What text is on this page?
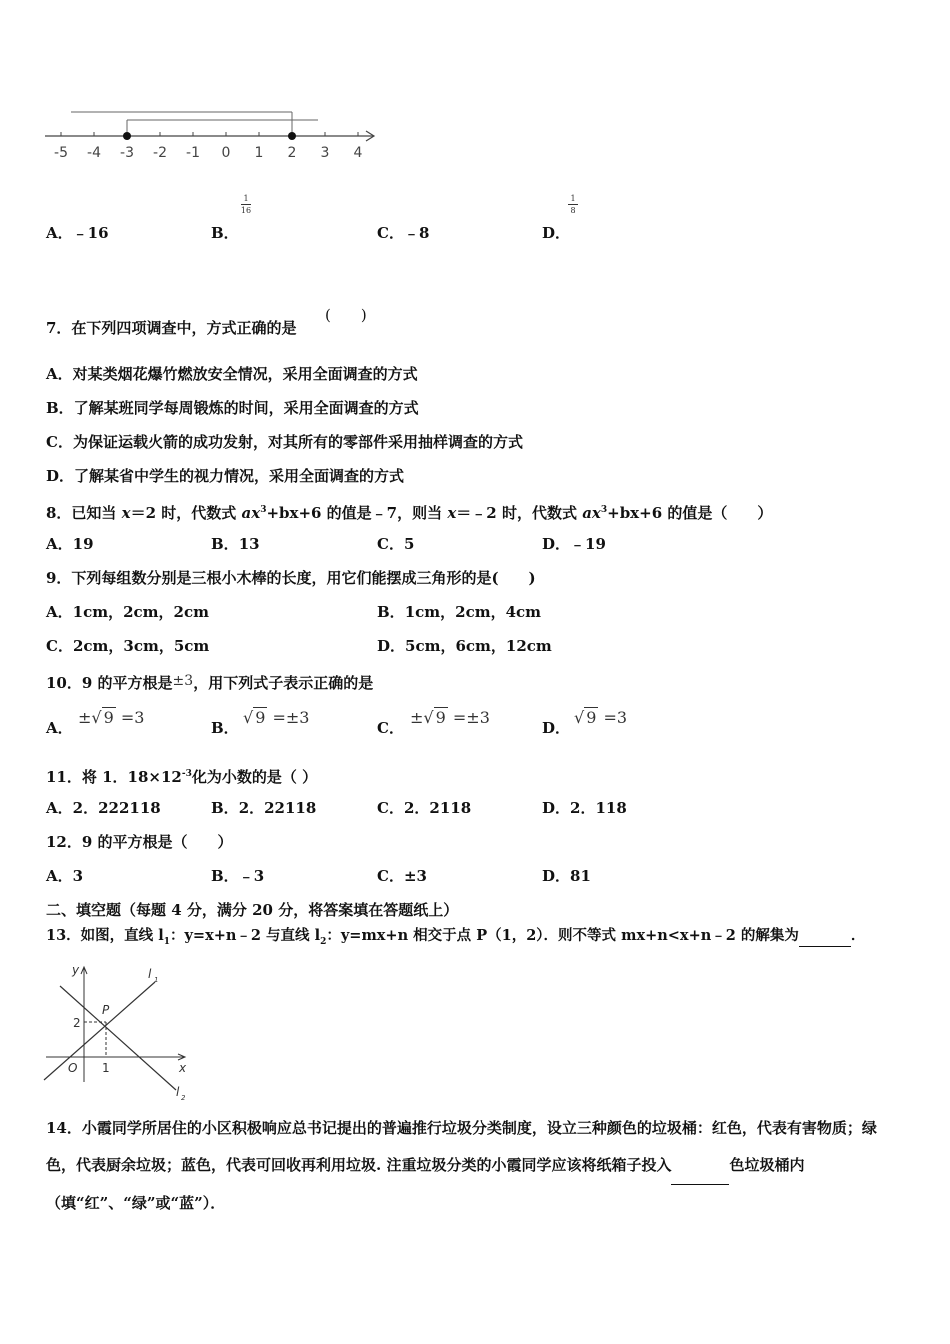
-5 -4 -3 -2 -1 0 1 2 3 4
A．﹣16	B．
1
16
C．﹣8	D．
1
8
7．在下列四项调查中，方式正确的是
(　　)
A．对某类烟花爆竹燃放安全情况，采用全面调查的方式
B．了解某班同学每周锻炼的时间，采用全面调查的方式
C．为保证运载火箭的成功发射，对其所有的零部件采用抽样调查的方式
D．了解某省中学生的视力情况，采用全面调查的方式
8．已知当 x＝2 时，代数式 $ax^3+bx+6$ 的值是﹣7，则当 x＝﹣2 时，代数式 $ax^3+bx+6$ 的值是（　　）
A．19	B．13	C．5	D．﹣19
9．下列每组数分别是三根小木棒的长度，用它们能摆成三角形的是(　　)
A．1cm，2cm，2cm	B．1cm，2cm，4cm
C．2cm，3cm，5cm	D．5cm，6cm，12cm
10．9 的平方根是±3，用下列式子表示正确的是
A．
±√ 9 =3
B．
√ 9 =±3
C．
±√ 9 =±3
D．
√ 9 =3
11．将 1．$18\times 12^{-3}$化为小数的是（ ）
A．2．222118	B．2．22118	C．2．2118	D．2．118
12．9 的平方根是（　　）
A．3	B．﹣3	C．±3	D．81
二、填空题（每题 4 分，满分 20 分，将答案填在答题纸上）
13．如图，直线 $l_1$：y=x+n﹣2 与直线 $l_2$：y=mx+n 相交于点 P（1，2）．则不等式 mx+n<x+n﹣2 的解集为	．
y
x
O
P
l 1
l 2
2
1
14．小霞同学所居住的小区积极响应总书记提出的普遍推行垃圾分类制度，设立三种颜色的垃圾桶：红色，代表有害物质；绿色，代表厨余垃圾；蓝色，代表可回收再利用垃圾. 注重垃圾分类的小霞同学应该将纸箱子投入	色垃圾桶内（填“红”、“绿”或“蓝”）．
